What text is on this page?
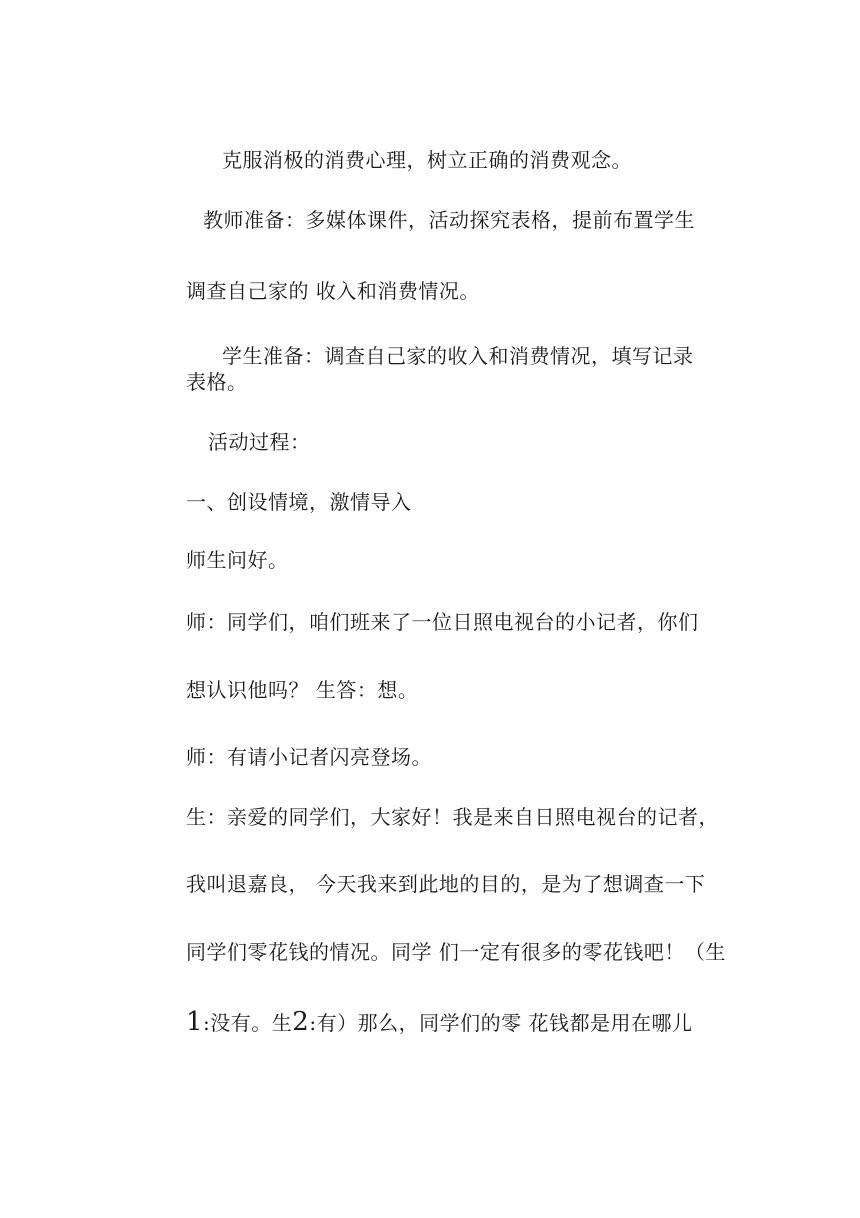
克服消极的消费心理，树立正确的消费观念。
教师准备：多媒体课件，活动探究表格，提前布置学生
调查自己家的 收入和消费情况。
学生准备：调查自己家的收入和消费情况，填写记录
表格。
活动过程：
一、创设情境，激情导入
师生问好。
师：同学们，咱们班来了一位日照电视台的小记者，你们
想认识他吗？ 生答：想。
师：有请小记者闪亮登场。
生：亲爱的同学们，大家好！我是来自日照电视台的记者，
我叫退嘉良， 今天我来到此地的目的，是为了想调查一下
同学们零花钱的情况。同学 们一定有很多的零花钱吧！（生
1:没有。生2:有）那么，同学们的零 花钱都是用在哪儿
